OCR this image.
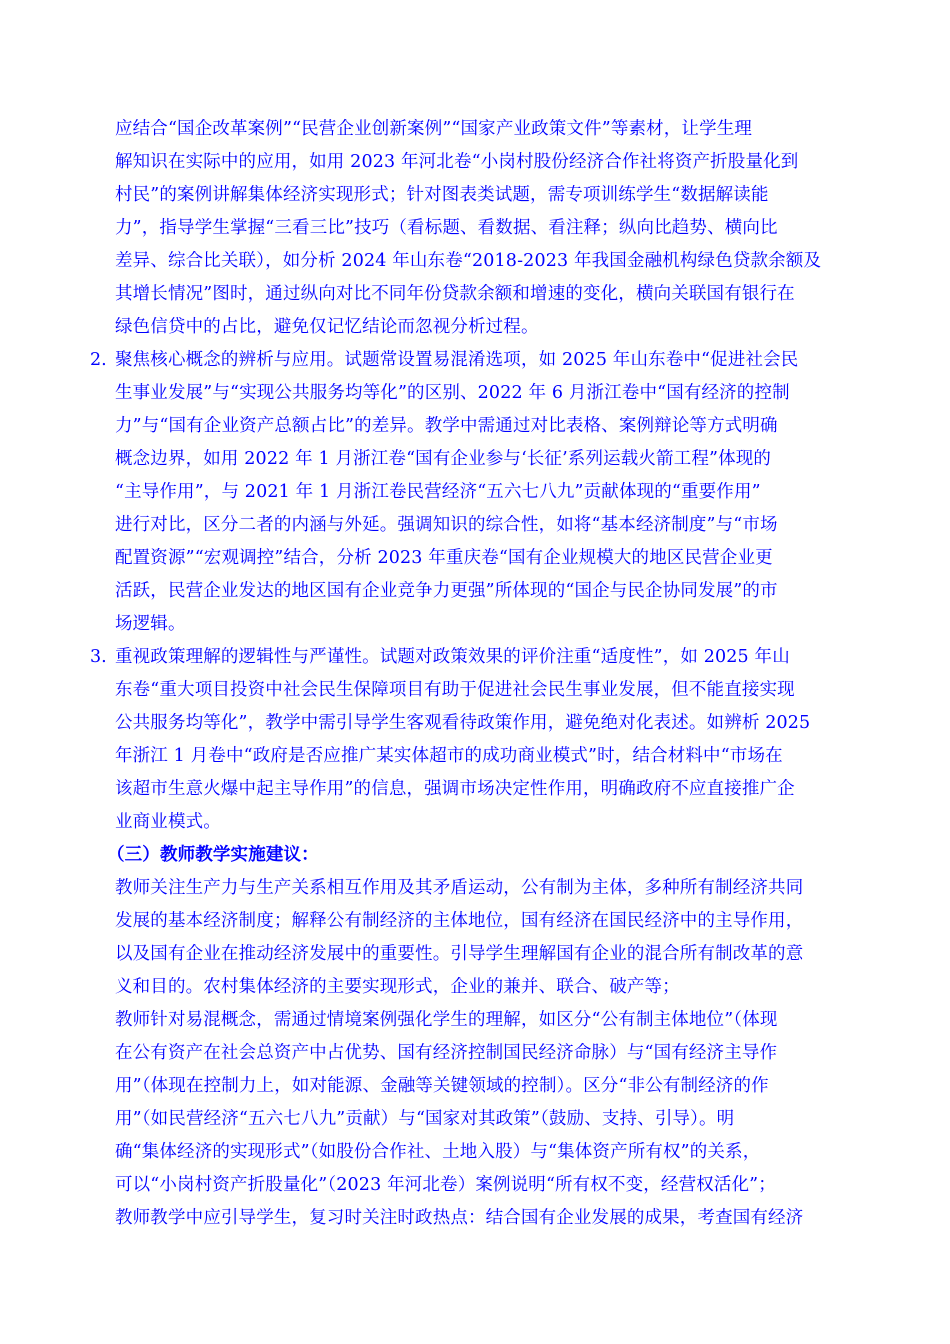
应结合“国企改革案例”“民营企业创新案例”“国家产业政策文件”等素材，让学生理
解知识在实际中的应用，如用 2023 年河北卷“小岗村股份经济合作社将资产折股量化到
村民”的案例讲解集体经济实现形式；针对图表类试题，需专项训练学生“数据解读能
力”，指导学生掌握“三看三比”技巧（看标题、看数据、看注释；纵向比趋势、横向比
差异、综合比关联），如分析 2024 年山东卷“2018-2023 年我国金融机构绿色贷款余额及
其增长情况”图时，通过纵向对比不同年份贷款余额和增速的变化，横向关联国有银行在
绿色信贷中的占比，避免仅记忆结论而忽视分析过程。
2. 聚焦核心概念的辨析与应用。试题常设置易混淆选项，如 2025 年山东卷中“促进社会民
生事业发展”与“实现公共服务均等化”的区别、2022 年 6 月浙江卷中“国有经济的控制
力”与“国有企业资产总额占比”的差异。教学中需通过对比表格、案例辩论等方式明确
概念边界，如用 2022 年 1 月浙江卷“国有企业参与‘长征’系列运载火箭工程”体现的
“主导作用”，与 2021 年 1 月浙江卷民营经济“五六七八九”贡献体现的“重要作用”
进行对比，区分二者的内涵与外延。强调知识的综合性，如将“基本经济制度”与“市场
配置资源”“宏观调控”结合，分析 2023 年重庆卷“国有企业规模大的地区民营企业更
活跃，民营企业发达的地区国有企业竞争力更强”所体现的“国企与民企协同发展”的市
场逻辑。
3. 重视政策理解的逻辑性与严谨性。试题对政策效果的评价注重“适度性”，如 2025 年山
东卷“重大项目投资中社会民生保障项目有助于促进社会民生事业发展，但不能直接实现
公共服务均等化”，教学中需引导学生客观看待政策作用，避免绝对化表述。如辨析 2025
年浙江 1 月卷中“政府是否应推广某实体超市的成功商业模式”时，结合材料中“市场在
该超市生意火爆中起主导作用”的信息，强调市场决定性作用，明确政府不应直接推广企
业商业模式。
（三）教师教学实施建议：
教师关注生产力与生产关系相互作用及其矛盾运动，公有制为主体，多种所有制经济共同
发展的基本经济制度；解释公有制经济的主体地位，国有经济在国民经济中的主导作用，
以及国有企业在推动经济发展中的重要性。引导学生理解国有企业的混合所有制改革的意
义和目的。农村集体经济的主要实现形式，企业的兼并、联合、破产等；
教师针对易混概念，需通过情境案例强化学生的理解，如区分“公有制主体地位”（体现
在公有资产在社会总资产中占优势、国有经济控制国民经济命脉）与“国有经济主导作
用”（体现在控制力上，如对能源、金融等关键领域的控制）。区分“非公有制经济的作
用”（如民营经济“五六七八九”贡献）与“国家对其政策”（鼓励、支持、引导）。明
确“集体经济的实现形式”（如股份合作社、土地入股）与“集体资产所有权”的关系，
可以“小岗村资产折股量化”（2023 年河北卷）案例说明“所有权不变，经营权活化”；
教师教学中应引导学生，复习时关注时政热点：结合国有企业发展的成果，考查国有经济
